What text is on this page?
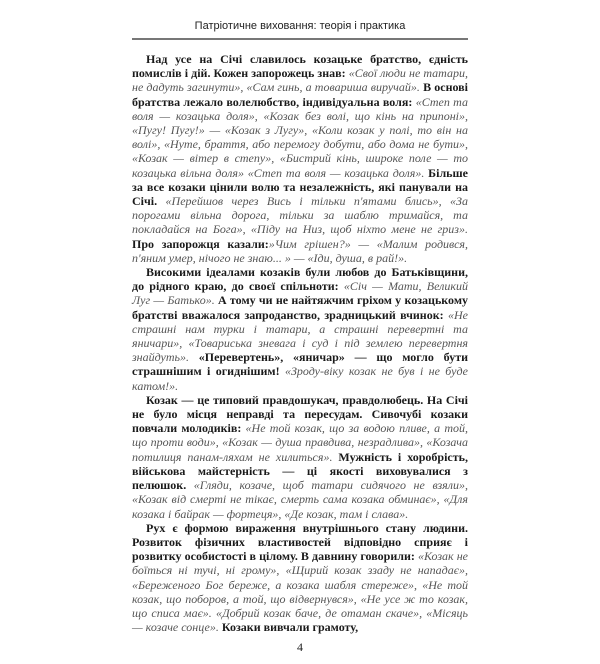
Патріотичне виховання: теорія і практика

Над усе на Січі славилось козацьке братство, єдність помислів і дій. Кожен запорожець знав: «Свої люди не татари, не дадуть загинути», «Сам гинь, а товариша виручай». В основі братства лежало волелюбство, індивідуальна воля: «Степ та воля — козацька доля», «Козак без волі, що кінь на припоні», «Пугу! Пугу!» — «Козак з Лугу», «Коли козак у полі, то він на волі», «Нуте, браття, або перемогу добути, або дома не бути», «Козак — вітер в степу», «Бистрий кінь, широке поле — то козацька вільна доля» «Степ та воля — козацька доля». Більше за все козаки цінили волю та незалежність, які панували на Січі. «Перейшов через Вись і тільки п'ятами блись», «За порогами вільна дорога, тільки за шаблю тримайся, та покладайся на Бога», «Піду на Низ, щоб ніхто мене не гриз». Про запорожця казали:»Чим грішен?» — «Малим родився, п'яним умер, нічого не знаю... » — «Іди, душа, в рай!».

Високими ідеалами козаків були любов до Батьківщини, до рідного краю, до своєї спільноти: «Січ — Мати, Великий Луг — Батько». А тому чи не найтяжчим гріхом у козацькому братстві вважалося запроданство, зрадницький вчинок: «Не страшні нам турки і татари, а страшні перевертні та яничари», «Товариська зневага і суд і під землею перевертня знайдуть». «Перевертень», «яничар» — що могло бути страшнішим і огиднішим! «Зроду-віку козак не був і не буде катом!».

Козак — це типовий правдошукач, правдолюбець. На Січі не було місця неправді та пересудам. Сивочубі козаки повчали молодиків: «Не той козак, що за водою пливе, а той, що проти води», «Козак — душа правдива, незрадлива», «Козача потилиця панам-ляхам не хилиться». Мужність і хоробрість, військова майстерність — ці якості виховувалися з пелюшок. «Гляди, козаче, щоб татари сидячого не взяли», «Козак від смерті не тікає, смерть сама козака обминає», «Для козака і байрак — фортеця», «Де козак, там і слава».

Рух є формою вираження внутрішнього стану людини. Розвиток фізичних властивостей відповідно сприяє і розвитку особистості в цілому. В давнину говорили: «Козак не боїться ні тучі, ні грому», «Щирий козак ззаду не нападає», «Береженого Бог береже, а козака шабля стереже», «Не той козак, що поборов, а той, що відвернувся», «Не усе ж то козак, що списа має». «Добрий козак баче, де отаман скаче», «Місяць — козаче сонце». Козаки вивчали грамоту,

4
